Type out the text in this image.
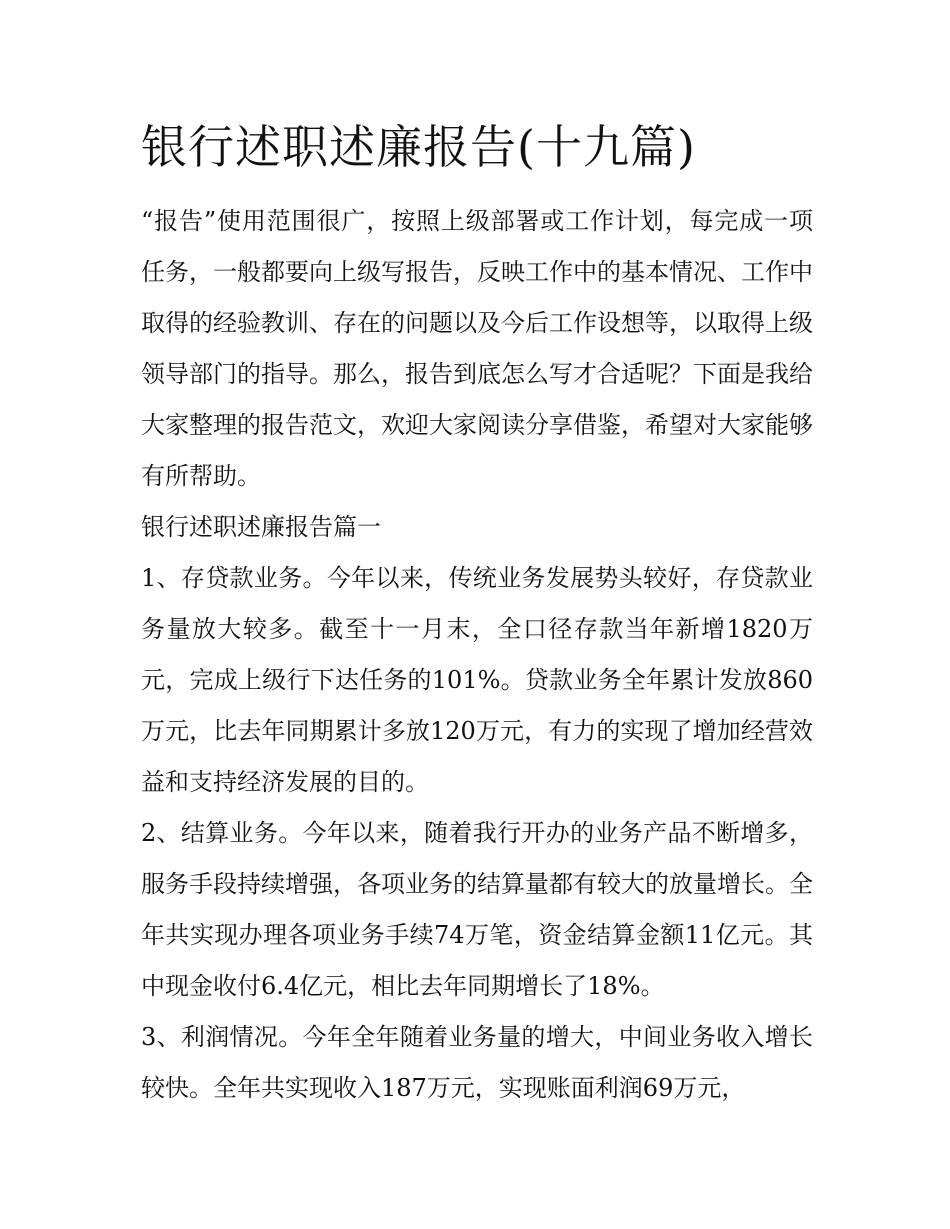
银行述职述廉报告(十九篇)

“报告”使用范围很广，按照上级部署或工作计划，每完成一项任务，一般都要向上级写报告，反映工作中的基本情况、工作中取得的经验教训、存在的问题以及今后工作设想等，以取得上级领导部门的指导。那么，报告到底怎么写才合适呢？下面是我给大家整理的报告范文，欢迎大家阅读分享借鉴，希望对大家能够有所帮助。

银行述职述廉报告篇一

1、存贷款业务。今年以来，传统业务发展势头较好，存贷款业务量放大较多。截至十一月末，全口径存款当年新增1820万元，完成上级行下达任务的101%。贷款业务全年累计发放860万元，比去年同期累计多放120万元，有力的实现了增加经营效益和支持经济发展的目的。

2、结算业务。今年以来，随着我行开办的业务产品不断增多，服务手段持续增强，各项业务的结算量都有较大的放量增长。全年共实现办理各项业务手续74万笔，资金结算金额11亿元。其中现金收付6.4亿元，相比去年同期增长了18%。

3、利润情况。今年全年随着业务量的增大，中间业务收入增长较快。全年共实现收入187万元，实现账面利润69万元，
